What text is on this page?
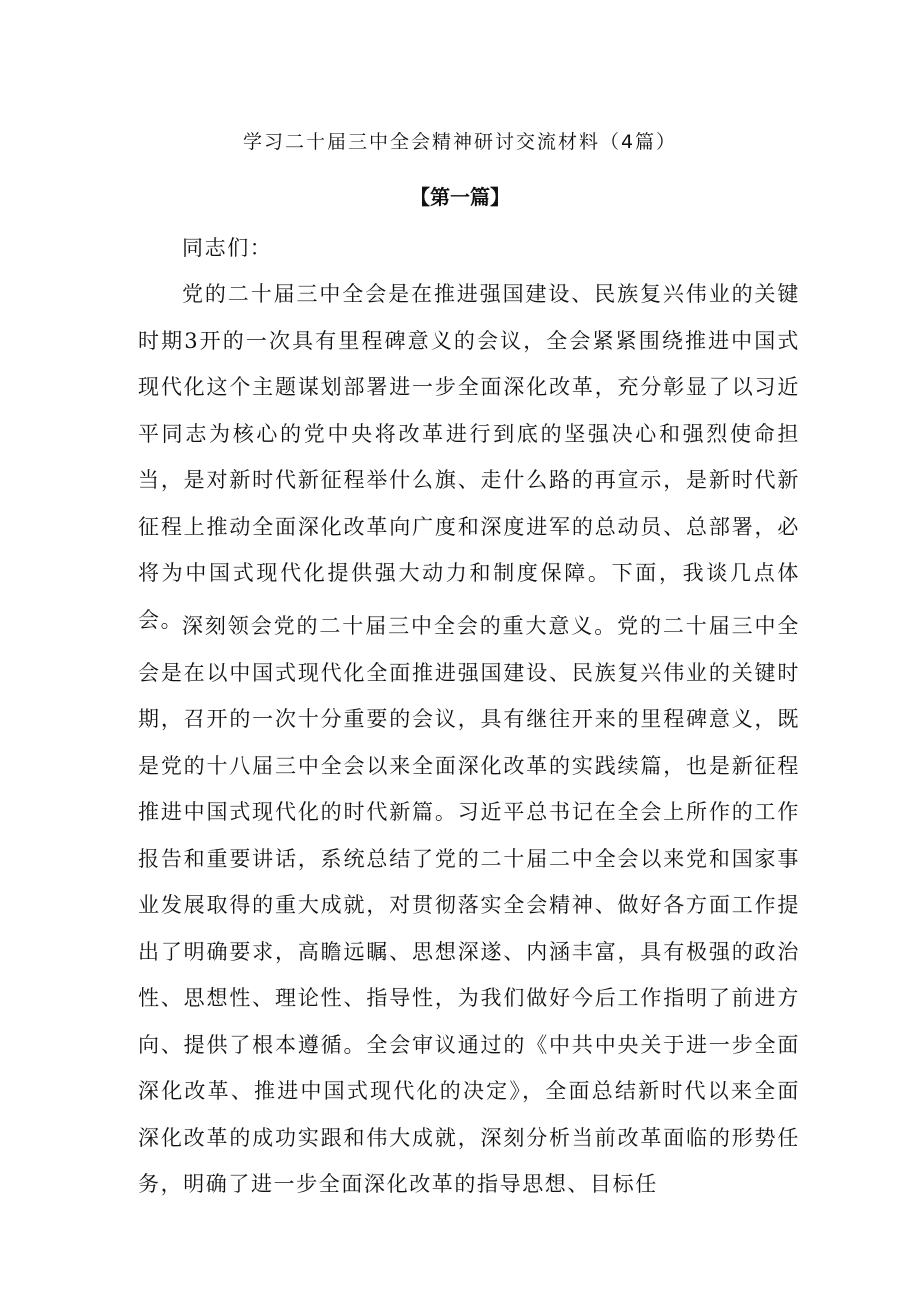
学习二十届三中全会精神研讨交流材料（4篇）
【第一篇】
同志们：
党的二十届三中全会是在推进强国建设、民族复兴伟业的关键时期3开的一次具有里程碑意义的会议，全会紧紧围绕推进中国式现代化这个主题谋划部署进一步全面深化改革，充分彰显了以习近平同志为核心的党中央将改革进行到底的坚强决心和强烈使命担当，是对新时代新征程举什么旗、走什么路的再宣示，是新时代新征程上推动全面深化改革向广度和深度进军的总动员、总部署，必将为中国式现代化提供强大动力和制度保障。下面，我谈几点体会。
深刻领会党的二十届三中全会的重大意义。党的二十届三中全会是在以中国式现代化全面推进强国建设、民族复兴伟业的关键时期，召开的一次十分重要的会议，具有继往开来的里程碑意义，既是党的十八届三中全会以来全面深化改革的实践续篇，也是新征程推进中国式现代化的时代新篇。习近平总书记在全会上所作的工作报告和重要讲话，系统总结了党的二十届二中全会以来党和国家事业发展取得的重大成就，对贯彻落实全会精神、做好各方面工作提出了明确要求，高瞻远瞩、思想深遂、内涵丰富，具有极强的政治性、思想性、理论性、指导性，为我们做好今后工作指明了前进方向、提供了根本遵循。全会审议通过的《中共中央关于进一步全面深化改革、推进中国式现代化的决定》，全面总结新时代以来全面深化改革的成功实跟和伟大成就，深刻分析当前改革面临的形势任务，明确了进一步全面深化改革的指导思想、目标任
